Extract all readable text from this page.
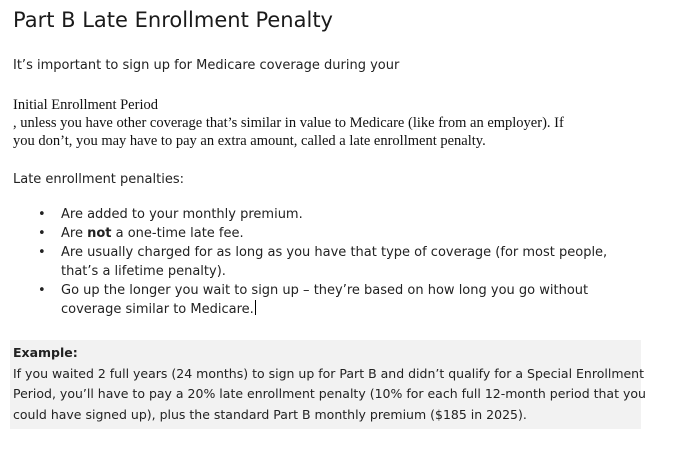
Part B Late Enrollment Penalty

It’s important to sign up for Medicare coverage during your

Initial Enrollment Period
, unless you have other coverage that’s similar in value to Medicare (like from an employer). If
you don’t, you may have to pay an extra amount, called a late enrollment penalty.

Late enrollment penalties:

• Are added to your monthly premium.
• Are not a one-time late fee.
• Are usually charged for as long as you have that type of coverage (for most people,
that’s a lifetime penalty).
• Go up the longer you wait to sign up – they’re based on how long you go without
coverage similar to Medicare.
Example:
If you waited 2 full years (24 months) to sign up for Part B and didn’t qualify for a Special Enrollment
Period, you’ll have to pay a 20% late enrollment penalty (10% for each full 12-month period that you
could have signed up), plus the standard Part B monthly premium ($185 in 2025).
